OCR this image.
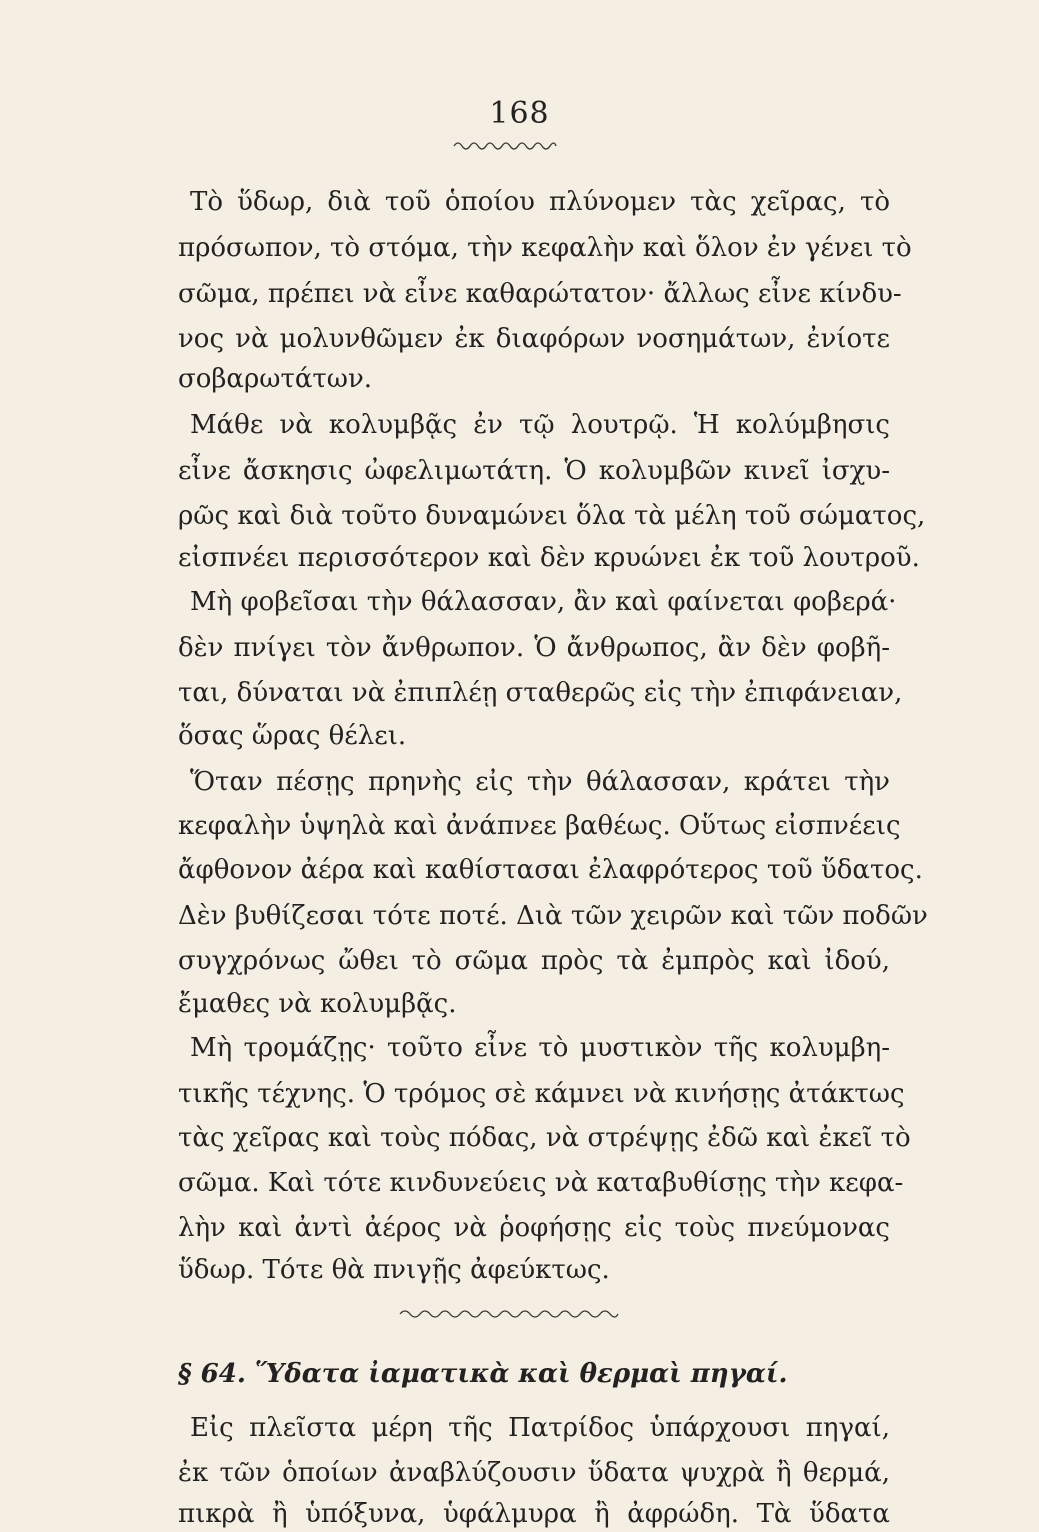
168
Τὸ ὕδωρ, διὰ τοῦ ὁποίου πλύνομεν τὰς χεῖρας, τὸ
πρόσωπον, τὸ στόμα, τὴν κεφαλὴν καὶ ὅλον ἐν γένει τὸ
σῶμα, πρέπει νὰ εἶνε καθαρώτατον· ἄλλως εἶνε κίνδυ-
νος νὰ μολυνθῶμεν ἐκ διαφόρων νοσημάτων, ἐνίοτε
σοβαρωτάτων.
Μάθε νὰ κολυμβᾷς ἐν τῷ λουτρῷ. Ἡ κολύμβησις
εἶνε ἄσκησις ὠφελιμωτάτη. Ὁ κολυμβῶν κινεῖ ἰσχυ-
ρῶς καὶ διὰ τοῦτο δυναμώνει ὅλα τὰ μέλη τοῦ σώματος,
εἰσπνέει περισσότερον καὶ δὲν κρυώνει ἐκ τοῦ λουτροῦ.
Μὴ φοβεῖσαι τὴν θάλασσαν, ἂν καὶ φαίνεται φοβερά·
δὲν πνίγει τὸν ἄνθρωπον. Ὁ ἄνθρωπος, ἂν δὲν φοβῆ-
ται, δύναται νὰ ἐπιπλέῃ σταθερῶς εἰς τὴν ἐπιφάνειαν,
ὅσας ὥρας θέλει.
Ὅταν πέσῃς πρηνὴς εἰς τὴν θάλασσαν, κράτει τὴν
κεφαλὴν ὑψηλὰ καὶ ἀνάπνεε βαθέως. Οὕτως εἰσπνέεις
ἄφθονον ἀέρα καὶ καθίστασαι ἐλαφρότερος τοῦ ὕδατος.
Δὲν βυθίζεσαι τότε ποτέ. Διὰ τῶν χειρῶν καὶ τῶν ποδῶν
συγχρόνως ὤθει τὸ σῶμα πρὸς τὰ ἐμπρὸς καὶ ἰδού,
ἔμαθες νὰ κολυμβᾷς.
Μὴ τρομάζῃς· τοῦτο εἶνε τὸ μυστικὸν τῆς κολυμβη-
τικῆς τέχνης. Ὁ τρόμος σὲ κάμνει νὰ κινήσῃς ἀτάκτως
τὰς χεῖρας καὶ τοὺς πόδας, νὰ στρέψῃς ἐδῶ καὶ ἐκεῖ τὸ
σῶμα. Καὶ τότε κινδυνεύεις νὰ καταβυθίσῃς τὴν κεφα-
λὴν καὶ ἀντὶ ἀέρος νὰ ῥοφήσῃς εἰς τοὺς πνεύμονας
ὕδωρ. Τότε θὰ πνιγῇς ἀφεύκτως.
§ 64. Ὕδατα ἰαματικὰ καὶ θερμαὶ πηγαί.
Εἰς πλεῖστα μέρη τῆς Πατρίδος ὑπάρχουσι πηγαί,
ἐκ τῶν ὁποίων ἀναβλύζουσιν ὕδατα ψυχρὰ ἢ θερμά,
πικρὰ ἢ ὑπόξυνα, ὑφάλμυρα ἢ ἀφρώδη. Τὰ ὕδατα
